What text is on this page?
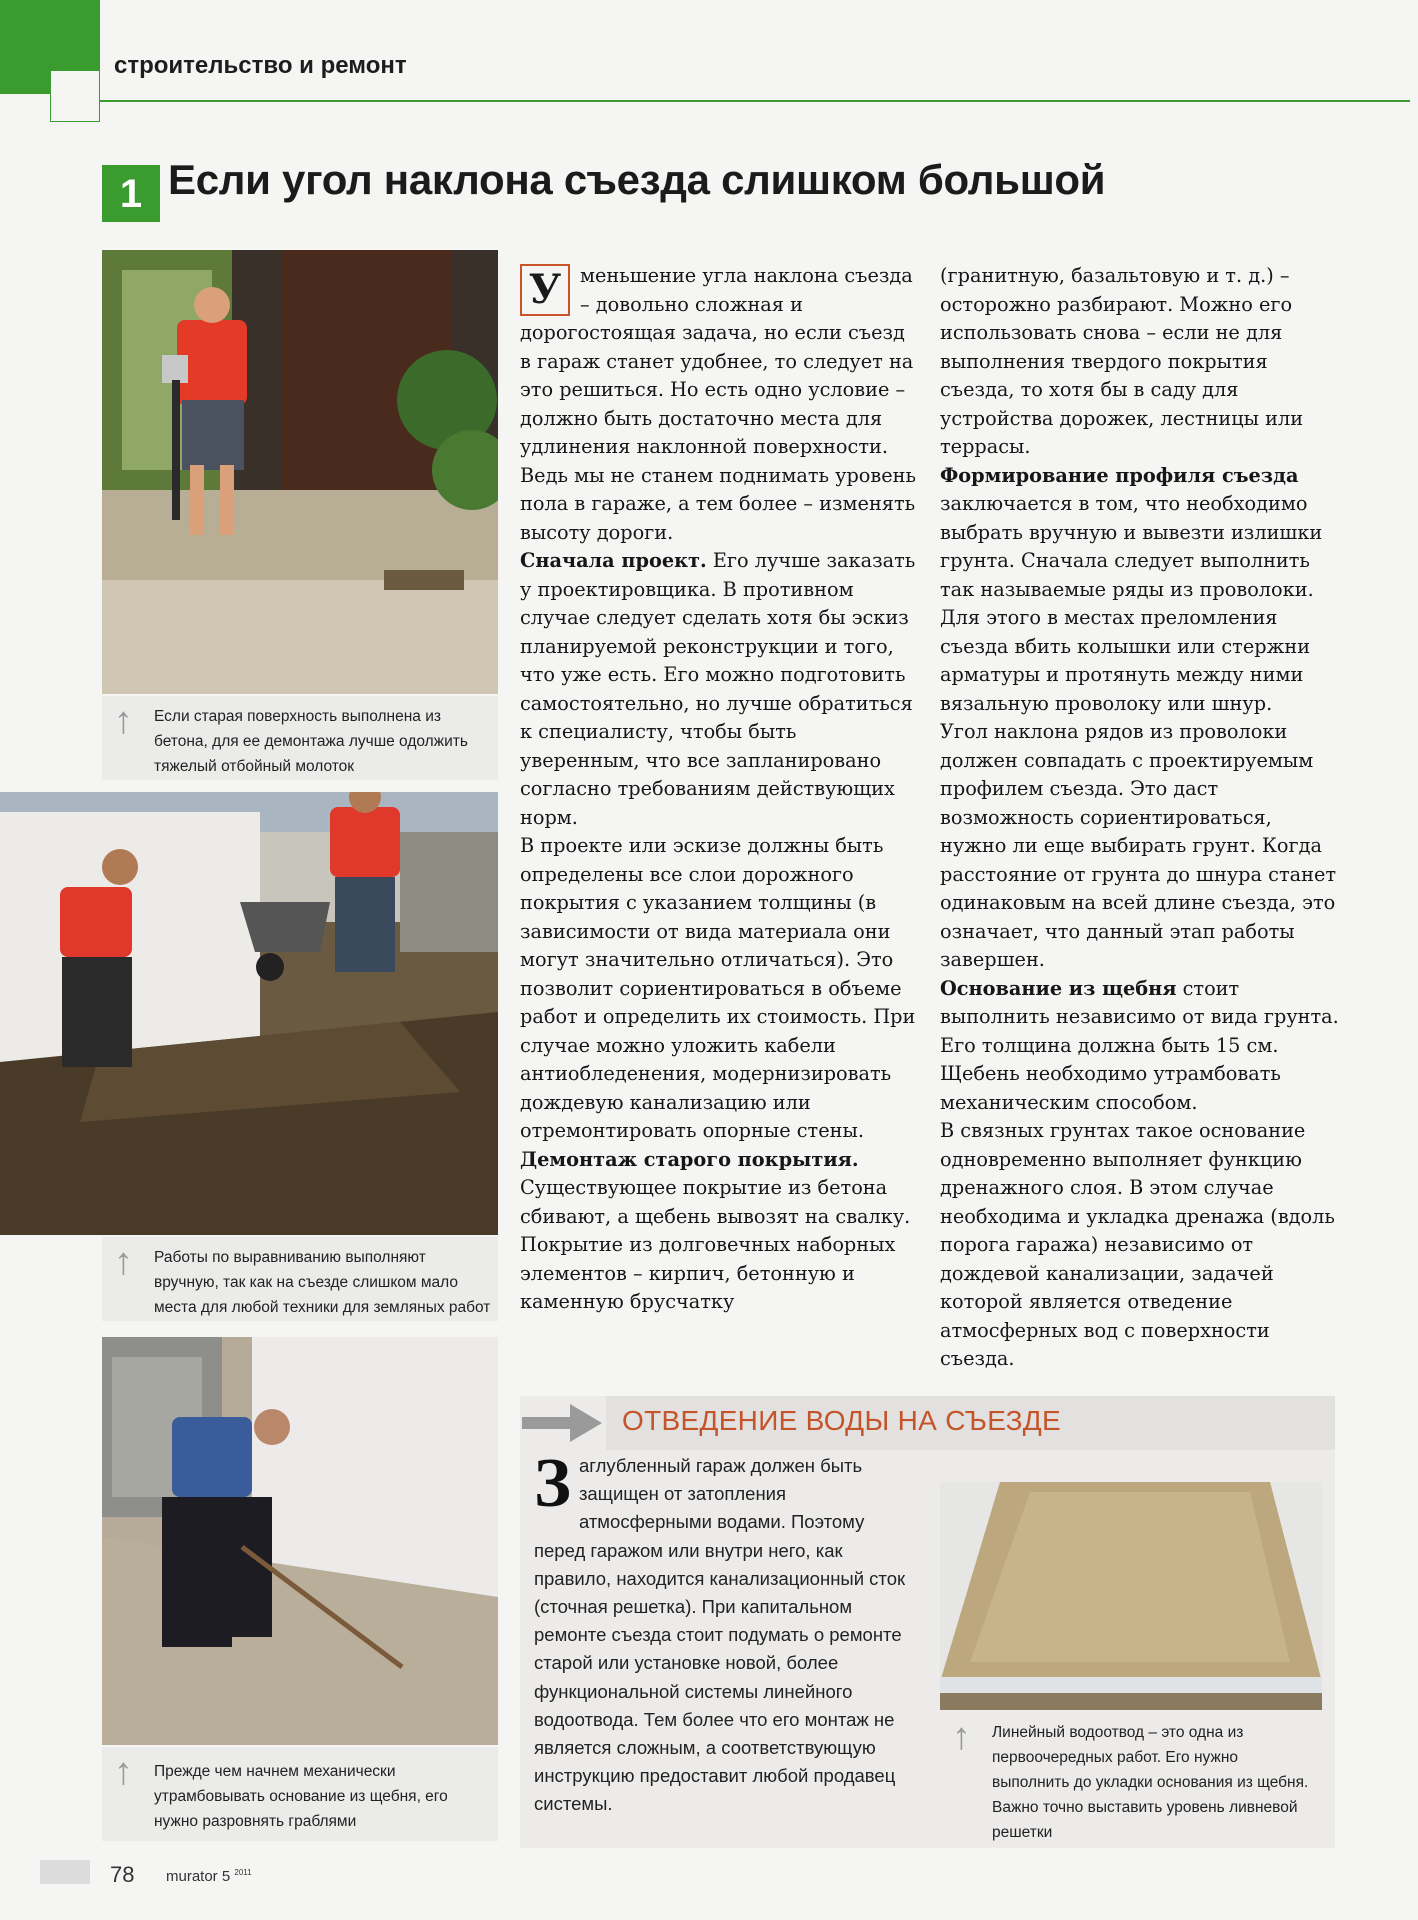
строительство и ремонт
1 Если угол наклона съезда слишком большой
↑ Если старая поверхность выполнена из бетона, для ее демонтажа лучше одолжить тяжелый отбойный молоток
↑ Работы по выравниванию выполняют вручную, так как на съезде слишком мало места для любой техники для земляных работ
↑ Прежде чем начнем механически утрамбовывать основание из щебня, его нужно разровнять граблями
У меньшение угла наклона съезда – довольно сложная и дорогостоящая задача, но если съезд в гараж станет удобнее, то следует на это решиться. Но есть одно условие – должно быть достаточно места для удлинения наклонной поверхности. Ведь мы не станем поднимать уровень пола в гараже, а тем более – изменять высоту дороги.

Сначала проект. Его лучше заказать у проектировщика. В противном случае следует сделать хотя бы эскиз планируемой реконструкции и того, что уже есть. Его можно подготовить самостоятельно, но лучше обратиться к специалисту, чтобы быть уверенным, что все запланировано согласно требованиям действующих норм.

В проекте или эскизе должны быть определены все слои дорожного покрытия с указанием толщины (в зависимости от вида материала они могут значительно отличаться). Это позволит сориентироваться в объеме работ и определить их стоимость. При случае можно уложить кабели антиобледенения, модернизировать дождевую канализацию или отремонтировать опорные стены.

Демонтаж старого покрытия. Существующее покрытие из бетона сбивают, а щебень вывозят на свалку. Покрытие из долговечных наборных элементов – кирпич, бетонную и каменную брусчатку

(гранитную, базальтовую и т. д.) – осторожно разбирают. Можно его использовать снова – если не для выполнения твердого покрытия съезда, то хотя бы в саду для устройства дорожек, лестницы или террасы.

Формирование профиля съезда заключается в том, что необходимо выбрать вручную и вывезти излишки грунта. Сначала следует выполнить так называемые ряды из проволоки. Для этого в местах преломления съезда вбить колышки или стержни арматуры и протянуть между ними вязальную проволоку или шнур.

Угол наклона рядов из проволоки должен совпадать с проектируемым профилем съезда. Это даст возможность сориентироваться, нужно ли еще выбирать грунт. Когда расстояние от грунта до шнура станет одинаковым на всей длине съезда, это означает, что данный этап работы завершен.

Основание из щебня стоит выполнить независимо от вида грунта. Его толщина должна быть 15 см. Щебень необходимо утрамбовать механическим способом.

В связных грунтах такое основание одновременно выполняет функцию дренажного слоя. В этом случае необходима и укладка дренажа (вдоль порога гаража) независимо от дождевой канализации, задачей которой является отведение атмосферных вод с поверхности съезда.

ОТВЕДЕНИЕ ВОДЫ НА СЪЕЗДЕ
З аглубленный гараж должен быть защищен от затопления атмосферными водами. Поэтому перед гаражом или внутри него, как правило, находится канализационный сток (сточная решетка). При капитальном ремонте съезда стоит подумать о ремонте старой или установке новой, более функциональной системы линейного водоотвода. Тем более что его монтаж не является сложным, а соответствующую инструкцию предоставит любой продавец системы.
↑ Линейный водоотвод – это одна из первоочередных работ. Его нужно выполнить до укладки основания из щебня. Важно точно выставить уровень ливневой решетки
78 murator 5 $^{2011}$
